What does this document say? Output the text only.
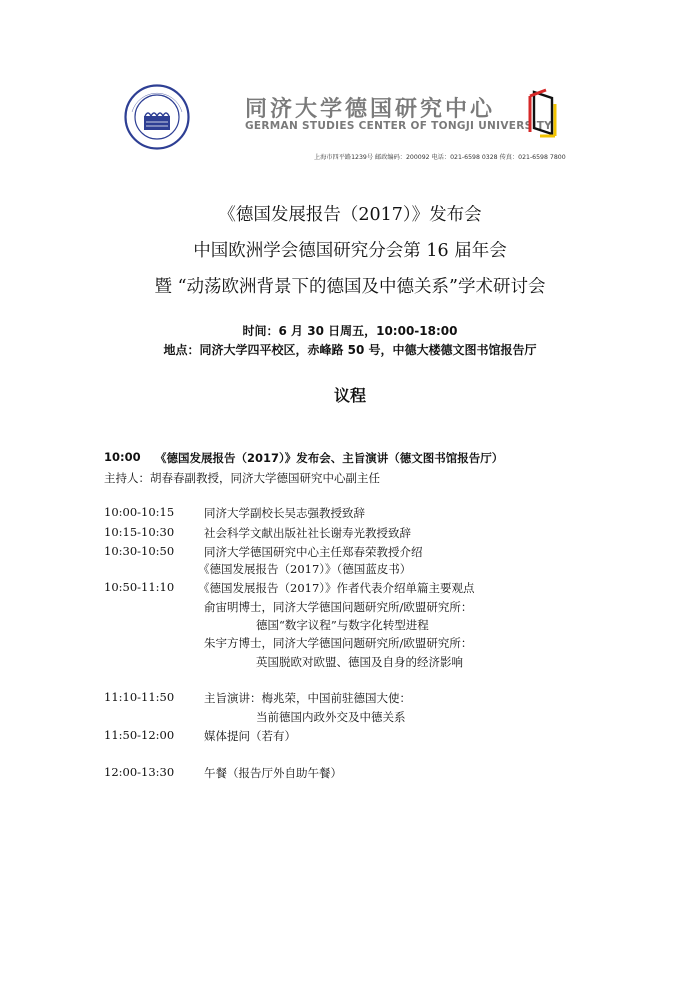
同济大学德国研究中心
GERMAN STUDIES CENTER OF TONGJI UNIVERSITY
上海市四平路1239号 邮政编码：200092 电话：021-6598 0328 传真：021-6598 7800
《德国发展报告（2017）》发布会
中国欧洲学会德国研究分会第 16 届年会
暨 “动荡欧洲背景下的德国及中德关系”学术研讨会
时间：6 月 30 日周五，10:00-18:00
地点：同济大学四平校区，赤峰路 50 号，中德大楼德文图书馆报告厅
议程
10:00 《德国发展报告（2017）》发布会、主旨演讲（德文图书馆报告厅）
主持人：胡春春副教授，同济大学德国研究中心副主任
10:00-10:15	同济大学副校长吴志强教授致辞
10:15-10:30	社会科学文献出版社社长谢寿光教授致辞
10:30-10:50	同济大学德国研究中心主任郑春荣教授介绍
《德国发展报告（2017）》（德国蓝皮书）
10:50-11:10 《德国发展报告（2017）》作者代表介绍单篇主要观点
俞宙明博士，同济大学德国问题研究所/欧盟研究所：
德国“数字议程”与数字化转型进程
朱宇方博士，同济大学德国问题研究所/欧盟研究所：
英国脱欧对欧盟、德国及自身的经济影响
11:10-11:50	主旨演讲：梅兆荣，中国前驻德国大使：
当前德国内政外交及中德关系
11:50-12:00	媒体提问（若有）
12:00-13:30	午餐（报告厅外自助午餐）
